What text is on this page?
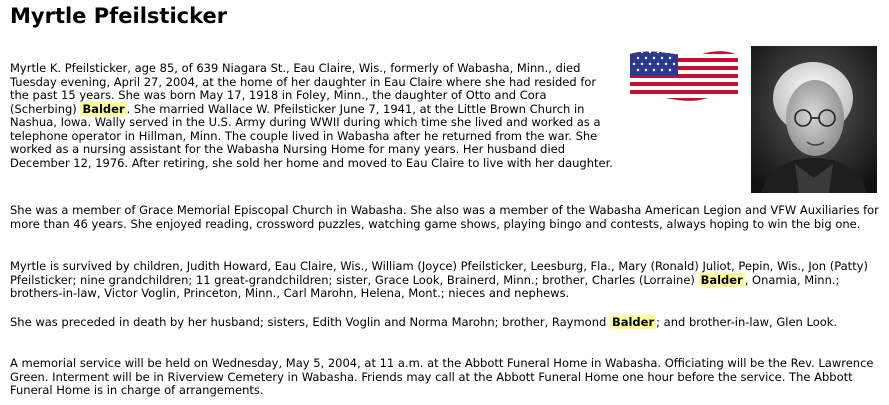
Myrtle Pfeilsticker

Myrtle K. Pfeilsticker, age 85, of 639 Niagara St., Eau Claire, Wis., formerly of Wabasha, Minn., died Tuesday evening, April 27, 2004, at the home of her daughter in Eau Claire where she had resided for the past 15 years. She was born May 17, 1918 in Foley, Minn., the daughter of Otto and Cora (Scherbing) Balder . She married Wallace W. Pfeilsticker June 7, 1941, at the Little Brown Church in Nashua, Iowa. Wally served in the U.S. Army during WWII during which time she lived and worked as a telephone operator in Hillman, Minn. The couple lived in Wabasha after he returned from the war. She worked as a nursing assistant for the Wabasha Nursing Home for many years. Her husband died December 12, 1976. After retiring, she sold her home and moved to Eau Claire to live with her daughter.

She was a member of Grace Memorial Episcopal Church in Wabasha. She also was a member of the Wabasha American Legion and VFW Auxiliaries for more than 46 years. She enjoyed reading, crossword puzzles, watching game shows, playing bingo and contests, always hoping to win the big one.

Myrtle is survived by children, Judith Howard, Eau Claire, Wis., William (Joyce) Pfeilsticker, Leesburg, Fla., Mary (Ronald) Juliot, Pepin, Wis., Jon (Patty) Pfeilsticker; nine grandchildren; 11 great-grandchildren; sister, Grace Look, Brainerd, Minn.; brother, Charles (Lorraine) Balder , Onamia, Minn.; brothers-in-law, Victor Voglin, Princeton, Minn., Carl Marohn, Helena, Mont.; nieces and nephews.

She was preceded in death by her husband; sisters, Edith Voglin and Norma Marohn; brother, Raymond Balder ; and brother-in-law, Glen Look.

A memorial service will be held on Wednesday, May 5, 2004, at 11 a.m. at the Abbott Funeral Home in Wabasha. Officiating will be the Rev. Lawrence Green. Interment will be in Riverview Cemetery in Wabasha. Friends may call at the Abbott Funeral Home one hour before the service. The Abbott Funeral Home is in charge of arrangements.
